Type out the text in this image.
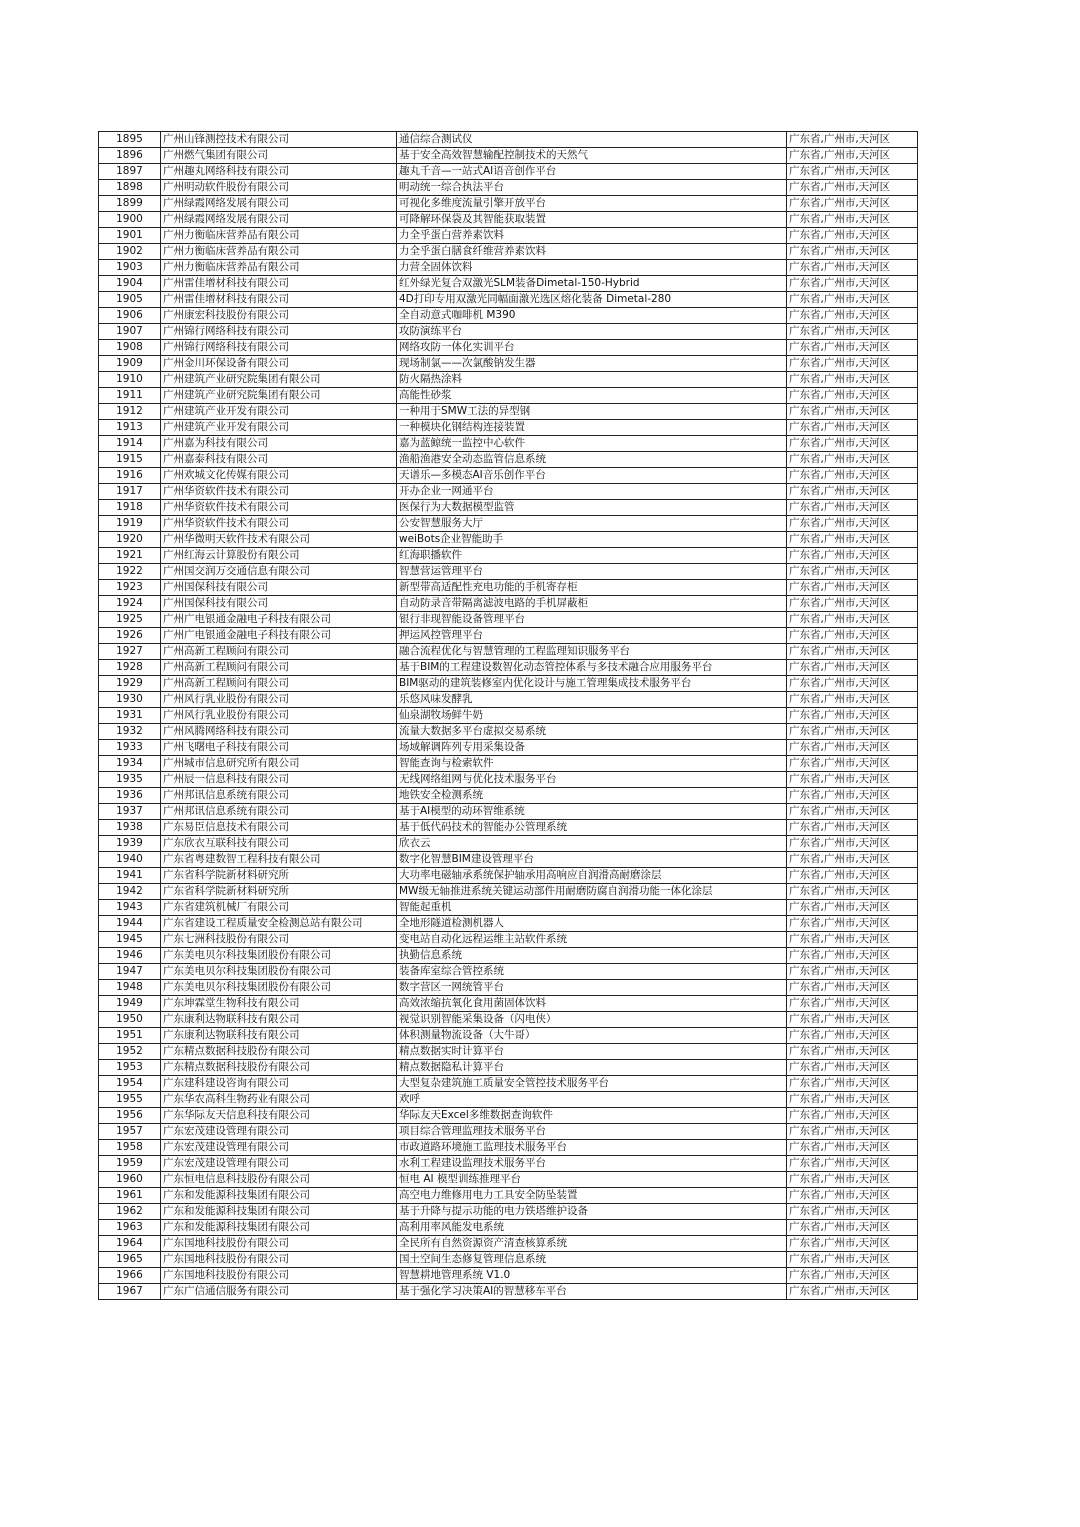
1895	广州山锋测控技术有限公司	通信综合测试仪	广东省,广州市,天河区
1896	广州燃气集团有限公司	基于安全高效智慧输配控制技术的天然气	广东省,广州市,天河区
1897	广州趣丸网络科技有限公司	趣丸千音—一站式AI语音创作平台	广东省,广州市,天河区
1898	广州明动软件股份有限公司	明动统一综合执法平台	广东省,广州市,天河区
1899	广州绿霞网络发展有限公司	可视化多维度流量引擎开放平台	广东省,广州市,天河区
1900	广州绿霞网络发展有限公司	可降解环保袋及其智能获取装置	广东省,广州市,天河区
1901	广州力衡临床营养品有限公司	力全乎蛋白营养素饮料	广东省,广州市,天河区
1902	广州力衡临床营养品有限公司	力全乎蛋白膳食纤维营养素饮料	广东省,广州市,天河区
1903	广州力衡临床营养品有限公司	力营全固体饮料	广东省,广州市,天河区
1904	广州雷佳增材科技有限公司	红外绿光复合双激光SLM装备Dimetal-150-Hybrid	广东省,广州市,天河区
1905	广州雷佳增材科技有限公司	4D打印专用双激光同幅面激光选区熔化装备 Dimetal-280	广东省,广州市,天河区
1906	广州康宏科技股份有限公司	全自动意式咖啡机 M390	广东省,广州市,天河区
1907	广州锦行网络科技有限公司	攻防演练平台	广东省,广州市,天河区
1908	广州锦行网络科技有限公司	网络攻防一体化实训平台	广东省,广州市,天河区
1909	广州金川环保设备有限公司	现场制氯——次氯酸钠发生器	广东省,广州市,天河区
1910	广州建筑产业研究院集团有限公司	防火隔热涂料	广东省,广州市,天河区
1911	广州建筑产业研究院集团有限公司	高能性砂浆	广东省,广州市,天河区
1912	广州建筑产业开发有限公司	一种用于SMW工法的异型钢	广东省,广州市,天河区
1913	广州建筑产业开发有限公司	一种模块化钢结构连接装置	广东省,广州市,天河区
1914	广州嘉为科技有限公司	嘉为蓝鲸统一监控中心软件	广东省,广州市,天河区
1915	广州嘉泰科技有限公司	渔船渔港安全动态监管信息系统	广东省,广州市,天河区
1916	广州欢城文化传媒有限公司	天谱乐—多模态AI音乐创作平台	广东省,广州市,天河区
1917	广州华资软件技术有限公司	开办企业一网通平台	广东省,广州市,天河区
1918	广州华资软件技术有限公司	医保行为大数据模型监管	广东省,广州市,天河区
1919	广州华资软件技术有限公司	公安智慧服务大厅	广东省,广州市,天河区
1920	广州华微明天软件技术有限公司	weiBots企业智能助手	广东省,广州市,天河区
1921	广州红海云计算股份有限公司	红海职播软件	广东省,广州市,天河区
1922	广州国交润万交通信息有限公司	智慧营运管理平台	广东省,广州市,天河区
1923	广州国保科技有限公司	新型带高适配性充电功能的手机寄存柜	广东省,广州市,天河区
1924	广州国保科技有限公司	自动防录音带隔离滤波电路的手机屏蔽柜	广东省,广州市,天河区
1925	广州广电银通金融电子科技有限公司	银行非现智能设备管理平台	广东省,广州市,天河区
1926	广州广电银通金融电子科技有限公司	押运风控管理平台	广东省,广州市,天河区
1927	广州高新工程顾问有限公司	融合流程优化与智慧管理的工程监理知识服务平台	广东省,广州市,天河区
1928	广州高新工程顾问有限公司	基于BIM的工程建设数智化动态管控体系与多技术融合应用服务平台	广东省,广州市,天河区
1929	广州高新工程顾问有限公司	BIM驱动的建筑装修室内优化设计与施工管理集成技术服务平台	广东省,广州市,天河区
1930	广州风行乳业股份有限公司	乐悠风味发酵乳	广东省,广州市,天河区
1931	广州风行乳业股份有限公司	仙泉湖牧场鲜牛奶	广东省,广州市,天河区
1932	广州风腾网络科技有限公司	流量大数据多平台虚拟交易系统	广东省,广州市,天河区
1933	广州飞曙电子科技有限公司	场域解调阵列专用采集设备	广东省,广州市,天河区
1934	广州城市信息研究所有限公司	智能查询与检索软件	广东省,广州市,天河区
1935	广州辰一信息科技有限公司	无线网络组网与优化技术服务平台	广东省,广州市,天河区
1936	广州邦讯信息系统有限公司	地铁安全检测系统	广东省,广州市,天河区
1937	广州邦讯信息系统有限公司	基于AI模型的动环智维系统	广东省,广州市,天河区
1938	广东易臣信息技术有限公司	基于低代码技术的智能办公管理系统	广东省,广州市,天河区
1939	广东欣衣互联科技有限公司	欣衣云	广东省,广州市,天河区
1940	广东省粤建数智工程科技有限公司	数字化智慧BIM建设管理平台	广东省,广州市,天河区
1941	广东省科学院新材料研究所	大功率电磁轴承系统保护轴承用高响应自润滑高耐磨涂层	广东省,广州市,天河区
1942	广东省科学院新材料研究所	MW级无轴推进系统关键运动部件用耐磨防腐自润滑功能一体化涂层	广东省,广州市,天河区
1943	广东省建筑机械厂有限公司	智能起重机	广东省,广州市,天河区
1944	广东省建设工程质量安全检测总站有限公司	全地形隧道检测机器人	广东省,广州市,天河区
1945	广东七洲科技股份有限公司	变电站自动化远程运维主站软件系统	广东省,广州市,天河区
1946	广东美电贝尔科技集团股份有限公司	执勤信息系统	广东省,广州市,天河区
1947	广东美电贝尔科技集团股份有限公司	装备库室综合管控系统	广东省,广州市,天河区
1948	广东美电贝尔科技集团股份有限公司	数字营区一网统管平台	广东省,广州市,天河区
1949	广东坤霖堂生物科技有限公司	高效浓缩抗氧化食用菌固体饮料	广东省,广州市,天河区
1950	广东康利达物联科技有限公司	视觉识别智能采集设备（闪电侠）	广东省,广州市,天河区
1951	广东康利达物联科技有限公司	体积测量物流设备（大牛哥）	广东省,广州市,天河区
1952	广东精点数据科技股份有限公司	精点数据实时计算平台	广东省,广州市,天河区
1953	广东精点数据科技股份有限公司	精点数据隐私计算平台	广东省,广州市,天河区
1954	广东建科建设咨询有限公司	大型复杂建筑施工质量安全管控技术服务平台	广东省,广州市,天河区
1955	广东华农高科生物药业有限公司	欢呼	广东省,广州市,天河区
1956	广东华际友天信息科技有限公司	华际友天Excel多维数据查询软件	广东省,广州市,天河区
1957	广东宏茂建设管理有限公司	项目综合管理监理技术服务平台	广东省,广州市,天河区
1958	广东宏茂建设管理有限公司	市政道路环境施工监理技术服务平台	广东省,广州市,天河区
1959	广东宏茂建设管理有限公司	水利工程建设监理技术服务平台	广东省,广州市,天河区
1960	广东恒电信息科技股份有限公司	恒电 AI 模型训练推理平台	广东省,广州市,天河区
1961	广东和发能源科技集团有限公司	高空电力维修用电力工具安全防坠装置	广东省,广州市,天河区
1962	广东和发能源科技集团有限公司	基于升降与提示功能的电力铁塔维护设备	广东省,广州市,天河区
1963	广东和发能源科技集团有限公司	高利用率风能发电系统	广东省,广州市,天河区
1964	广东国地科技股份有限公司	全民所有自然资源资产清查核算系统	广东省,广州市,天河区
1965	广东国地科技股份有限公司	国土空间生态修复管理信息系统	广东省,广州市,天河区
1966	广东国地科技股份有限公司	智慧耕地管理系统 V1.0	广东省,广州市,天河区
1967	广东广信通信服务有限公司	基于强化学习决策AI的智慧移车平台	广东省,广州市,天河区
